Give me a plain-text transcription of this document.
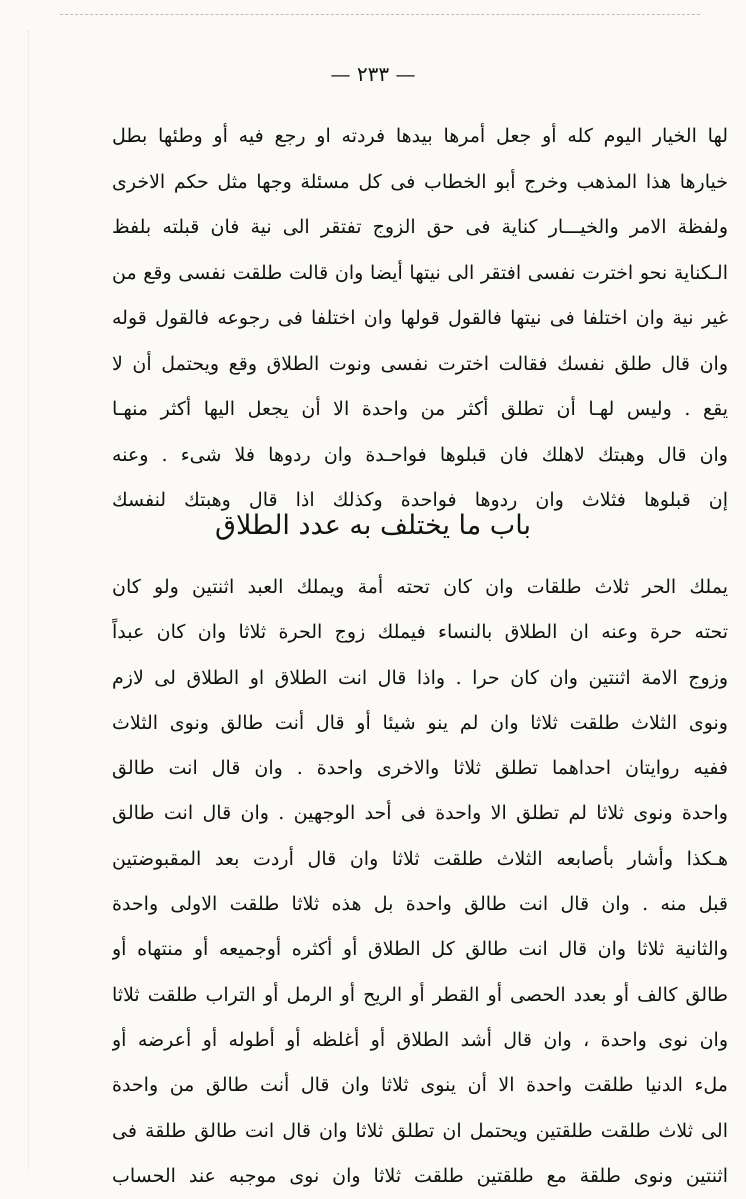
— ٢٣٣ —
لها الخيار اليوم كله أو جعل أمرها بيدها فردته او رجع فيه أو وطئها بطل
خيارها هذا المذهب وخرج أبو الخطاب فى كل مسئلة وجها مثل حكم الاخرى
ولفظة الامر والخيـــار كناية فى حق الزوج تفتقر الى نية فان قبلته بلفظ
الـكناية نحو اخترت نفسى افتقر الى نيتها أيضا وان قالت طلقت نفسى وقع من
غير نية وان اختلفا فى نيتها فالقول قولها وان اختلفا فى رجوعه فالقول قوله
وان قال طلق نفسك فقالت اخترت نفسى ونوت الطلاق وقع ويحتمل أن لا
يقع . وليس لهـا أن تطلق أكثر من واحدة الا أن يجعل اليها أكثر منهـا
وان قال وهبتك لاهلك فان قبلوها فواحـدة وان ردوها فلا شىء . وعنه
إن قبلوها فثلاث وان ردوها فواحدة وكذلك اذا قال وهبتك لنفسك
باب ما يختلف به عدد الطلاق
يملك الحر ثلاث طلقات وان كان تحته أمة ويملك العبد اثنتين ولو كان
تحته حرة وعنه ان الطلاق بالنساء فيملك زوج الحرة ثلاثا وان كان عبداً
وزوج الامة اثنتين وان كان حرا . واذا قال انت الطلاق او الطلاق لى لازم
ونوى الثلاث طلقت ثلاثا وان لم ينو شيئا أو قال أنت طالق ونوى الثلاث
ففيه روايتان احداهما تطلق ثلاثا والاخرى واحدة . وان قال انت طالق
واحدة ونوى ثلاثا لم تطلق الا واحدة فى أحد الوجهين . وان قال انت طالق
هـكذا وأشار بأصابعه الثلاث طلقت ثلاثا وان قال أردت بعد المقبوضتين
قبل منه . وان قال انت طالق واحدة بل هذه ثلاثا طلقت الاولى واحدة
والثانية ثلاثا وان قال انت طالق كل الطلاق أو أكثره أوجميعه أو منتهاه أو
طالق كالف أو بعدد الحصى أو القطر أو الريح أو الرمل أو التراب طلقت ثلاثا
وان نوى واحدة ، وان قال أشد الطلاق أو أغلظه أو أطوله أو أعرضه أو
ملء الدنيا طلقت واحدة الا أن ينوى ثلاثا وان قال أنت طالق من واحدة
الى ثلاث طلقت طلقتين ويحتمل ان تطلق ثلاثا وان قال انت طالق طلقة فى
اثنتين ونوى طلقة مع طلقتين طلقت ثلاثا وان نوى موجبه عند الحساب
